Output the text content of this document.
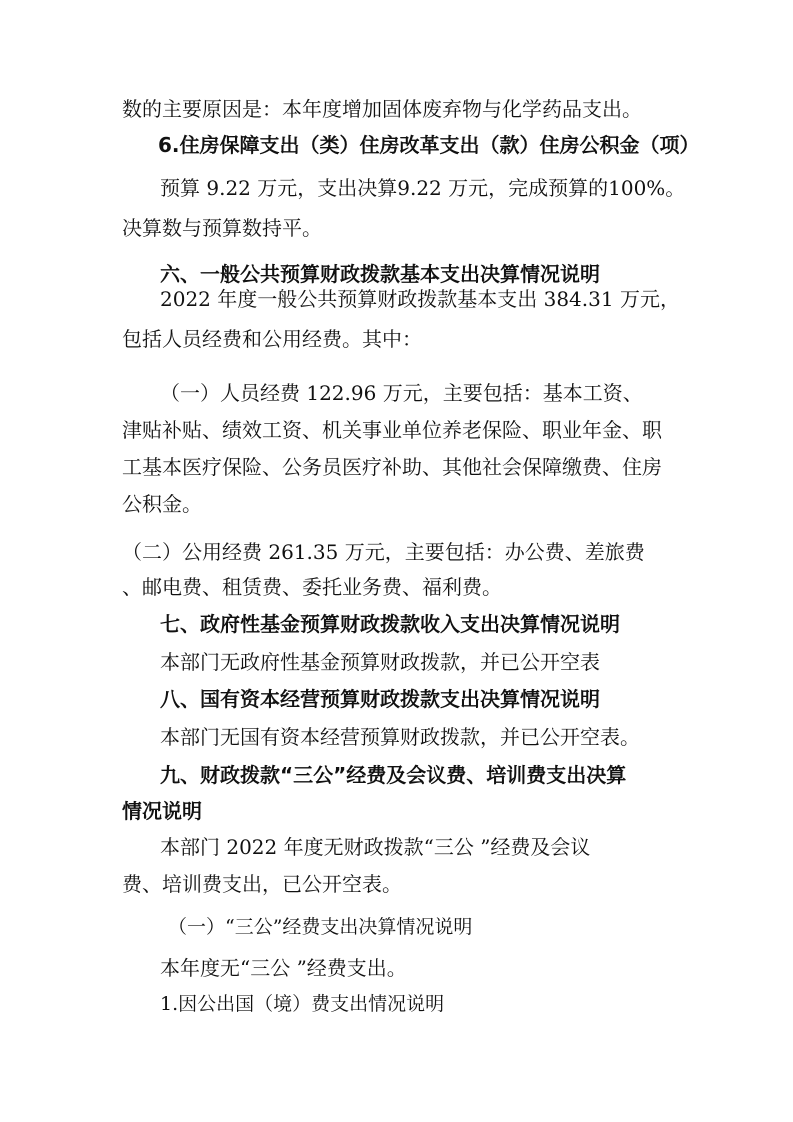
数的主要原因是：本年度增加固体废弃物与化学药品支出。
6.住房保障支出（类）住房改革支出（款）住房公积金（项）
预算 9.22 万元，支出决算9.22 万元，完成预算的100%。
决算数与预算数持平。
六、一般公共预算财政拨款基本支出决算情况说明
2022 年度一般公共预算财政拨款基本支出 384.31 万元，
包括人员经费和公用经费。其中：
（一）人员经费 122.96 万元，主要包括：基本工资、
津贴补贴、绩效工资、机关事业单位养老保险、职业年金、职
工基本医疗保险、公务员医疗补助、其他社会保障缴费、住房
公积金。
（二）公用经费 261.35 万元，主要包括：办公费、差旅费
、邮电费、租赁费、委托业务费、福利费。
七、政府性基金预算财政拨款收入支出决算情况说明
本部门无政府性基金预算财政拨款，并已公开空表
八、国有资本经营预算财政拨款支出决算情况说明
本部门无国有资本经营预算财政拨款，并已公开空表。
九、财政拨款“三公”经费及会议费、培训费支出决算
情况说明
本部门 2022 年度无财政拨款“三公 ”经费及会议
费、培训费支出，已公开空表。
（一）“三公”经费支出决算情况说明
本年度无“三公 ”经费支出。
1.因公出国（境）费支出情况说明
